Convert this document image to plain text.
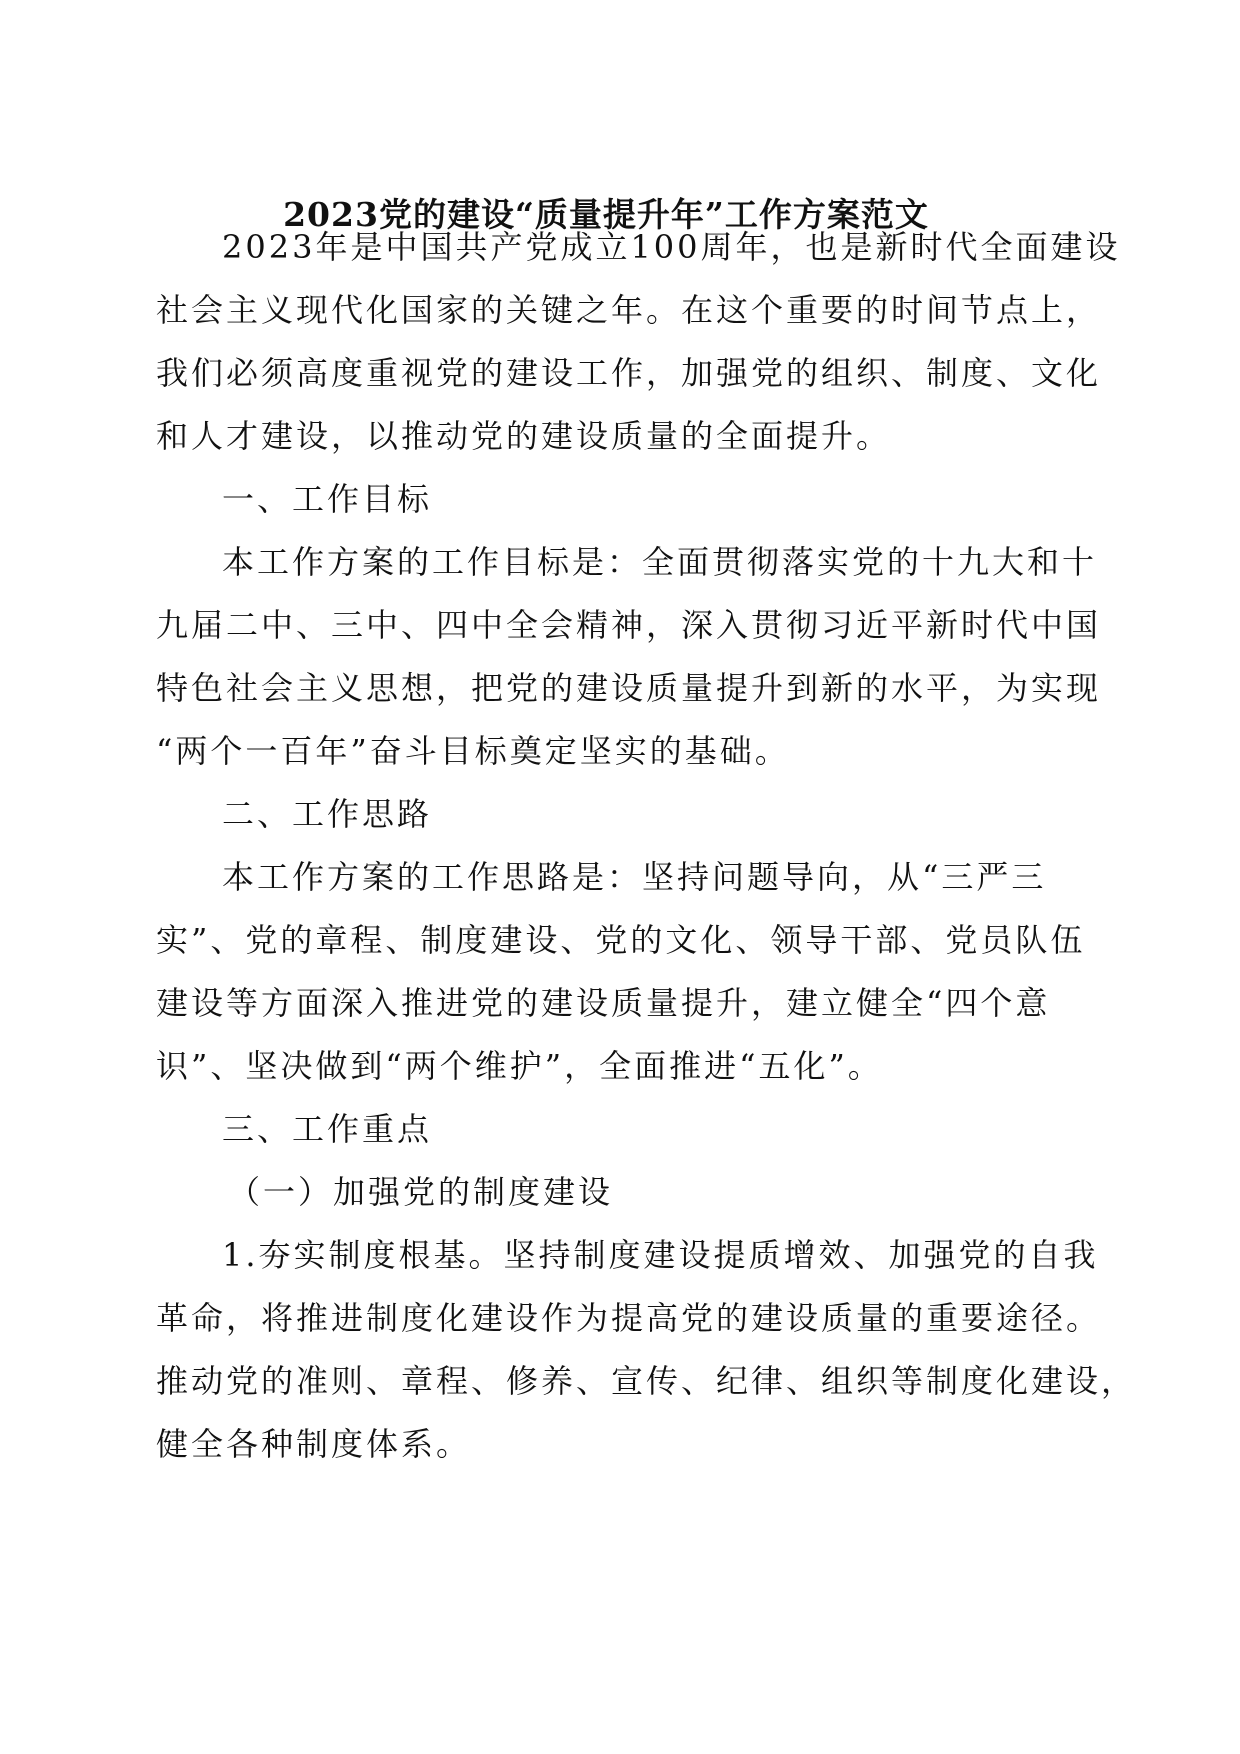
2023党的建设“质量提升年”工作方案范文
2023年是中国共产党成立100周年，也是新时代全面建设
社会主义现代化国家的关键之年。在这个重要的时间节点上，
我们必须高度重视党的建设工作，加强党的组织、制度、文化
和人才建设，以推动党的建设质量的全面提升。
一、工作目标
本工作方案的工作目标是：全面贯彻落实党的十九大和十
九届二中、三中、四中全会精神，深入贯彻习近平新时代中国
特色社会主义思想，把党的建设质量提升到新的水平，为实现
“两个一百年”奋斗目标奠定坚实的基础。
二、工作思路
本工作方案的工作思路是：坚持问题导向，从“三严三
实”、党的章程、制度建设、党的文化、领导干部、党员队伍
建设等方面深入推进党的建设质量提升，建立健全“四个意
识”、坚决做到“两个维护”，全面推进“五化”。
三、工作重点
（一）加强党的制度建设
1.夯实制度根基。坚持制度建设提质增效、加强党的自我
革命，将推进制度化建设作为提高党的建设质量的重要途径。
推动党的准则、章程、修养、宣传、纪律、组织等制度化建设，
健全各种制度体系。
